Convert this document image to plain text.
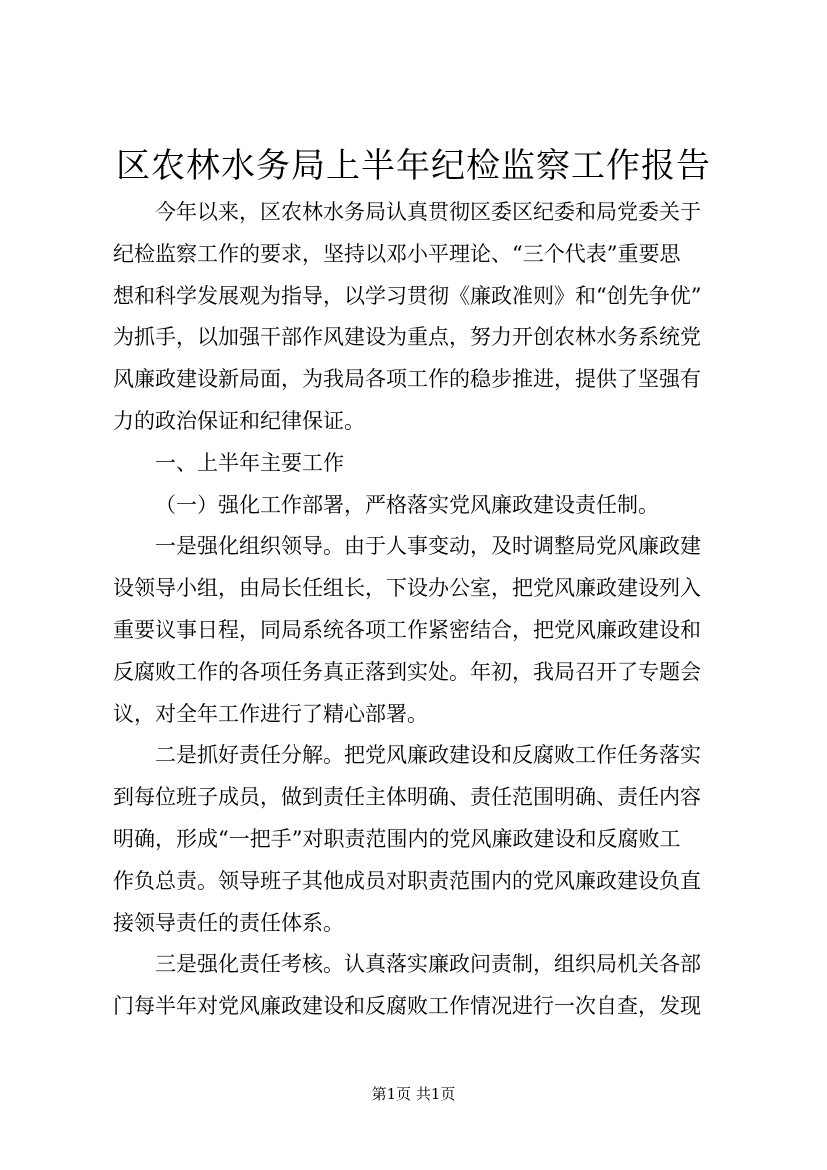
区农林水务局上半年纪检监察工作报告
今年以来，区农林水务局认真贯彻区委区纪委和局党委关于
纪检监察工作的要求，坚持以邓小平理论、“三个代表”重要思
想和科学发展观为指导，以学习贯彻《廉政准则》和“创先争优”
为抓手，以加强干部作风建设为重点，努力开创农林水务系统党
风廉政建设新局面，为我局各项工作的稳步推进，提供了坚强有
力的政治保证和纪律保证。
一、上半年主要工作
（一）强化工作部署，严格落实党风廉政建设责任制。
一是强化组织领导。由于人事变动，及时调整局党风廉政建
设领导小组，由局长任组长，下设办公室，把党风廉政建设列入
重要议事日程，同局系统各项工作紧密结合，把党风廉政建设和
反腐败工作的各项任务真正落到实处。年初，我局召开了专题会
议，对全年工作进行了精心部署。
二是抓好责任分解。把党风廉政建设和反腐败工作任务落实
到每位班子成员，做到责任主体明确、责任范围明确、责任内容
明确，形成“一把手”对职责范围内的党风廉政建设和反腐败工
作负总责。领导班子其他成员对职责范围内的党风廉政建设负直
接领导责任的责任体系。
三是强化责任考核。认真落实廉政问责制，组织局机关各部
门每半年对党风廉政建设和反腐败工作情况进行一次自查，发现
第1页 共1页
